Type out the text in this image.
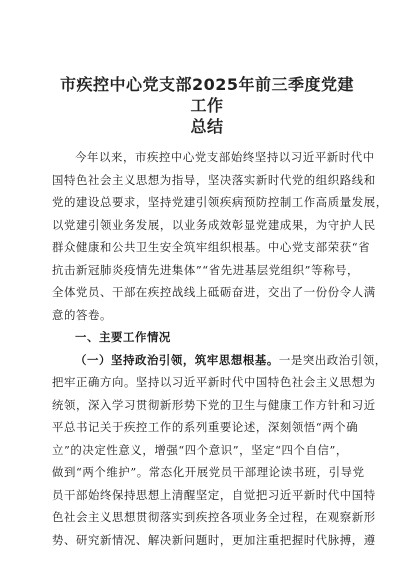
市疾控中心党支部2025年前三季度党建工作
总结

今年以来，市疾控中心党支部始终坚持以习近平新时代中
国特色社会主义思想为指导，坚决落实新时代党的组织路线和
党的建设总要求，坚持党建引领疾病预防控制工作高质量发展，
以党建引领业务发展，以业务成效彰显党建成果，为守护人民
群众健康和公共卫生安全筑牢组织根基。中心党支部荣获“省
抗击新冠肺炎疫情先进集体”“省先进基层党组织”等称号，
全体党员、干部在疾控战线上砥砺奋进，交出了一份份令人满
意的答卷。

一、主要工作情况

（一）坚持政治引领，筑牢思想根基。一是突出政治引领，
把牢正确方向。坚持以习近平新时代中国特色社会主义思想为
统领，深入学习贯彻新形势下党的卫生与健康工作方针和习近
平总书记关于疾控工作的系列重要论述，深刻领悟“两个确
立”的决定性意义，增强“四个意识”，坚定“四个自信”，
做到“两个维护”。常态化开展党员干部理论读书班，引导党
员干部始终保持思想上清醒坚定，自觉把习近平新时代中国特
色社会主义思想贯彻落实到疾控各项业务全过程，在观察新形
势、研究新情况、解决新问题时，更加注重把握时代脉搏，遵
